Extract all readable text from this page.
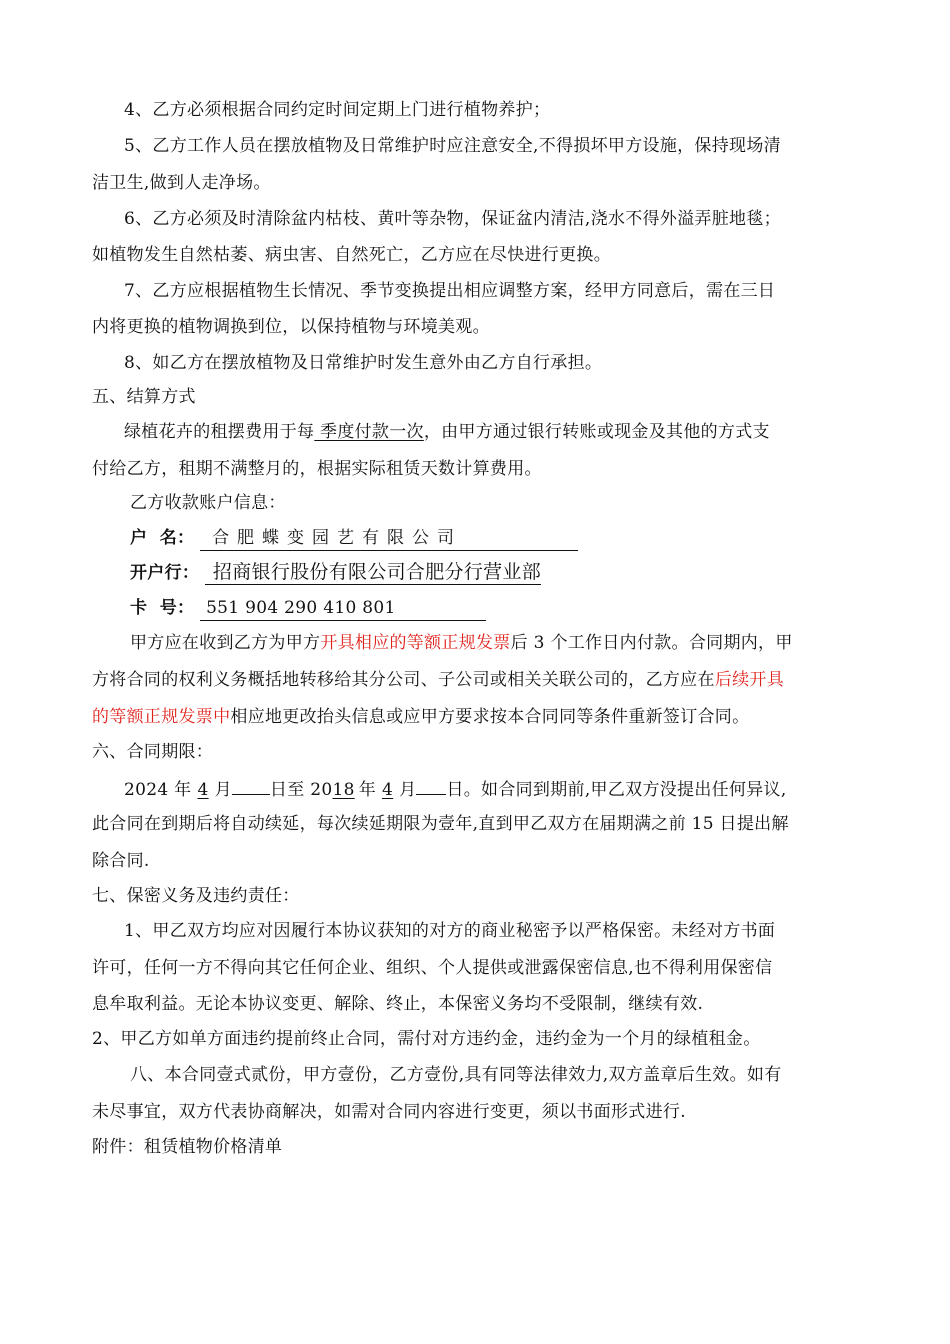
4、乙方必须根据合同约定时间定期上门进行植物养护；
5、乙方工作人员在摆放植物及日常维护时应注意安全,不得损坏甲方设施，保持现场清
洁卫生,做到人走净场。
6、乙方必须及时清除盆内枯枝、黄叶等杂物，保证盆内清洁,浇水不得外溢弄脏地毯；
如植物发生自然枯萎、病虫害、自然死亡，乙方应在尽快进行更换。
7、乙方应根据植物生长情况、季节变换提出相应调整方案，经甲方同意后，需在三日
内将更换的植物调换到位，以保持植物与环境美观。
8、如乙方在摆放植物及日常维护时发生意外由乙方自行承担。
五、结算方式
绿植花卉的租摆费用于每 季度付款一次，由甲方通过银行转账或现金及其他的方式支
付给乙方，租期不满整月的，根据实际租赁天数计算费用。
乙方收款账户信息：
户  名： 合肥蝶变园艺有限公司
开户行： 招商银行股份有限公司合肥分行营业部
卡  号： 551 904 290 410 801
甲方应在收到乙方为甲方开具相应的等额正规发票后 3 个工作日内付款。合同期内，甲
方将合同的权利义务概括地转移给其分公司、子公司或相关关联公司的，乙方应在后续开具
的等额正规发票中相应地更改抬头信息或应甲方要求按本合同同等条件重新签订合同。
六、合同期限：
2024 年 4 月 日至 2018 年 4 月 日。如合同到期前,甲乙双方没提出任何异议,
此合同在到期后将自动续延，每次续延期限为壹年,直到甲乙双方在届期满之前 15 日提出解
除合同.
七、保密义务及违约责任：
1、甲乙双方均应对因履行本协议获知的对方的商业秘密予以严格保密。未经对方书面
许可，任何一方不得向其它任何企业、组织、个人提供或泄露保密信息,也不得利用保密信
息牟取利益。无论本协议变更、解除、终止，本保密义务均不受限制，继续有效.
2、甲乙方如单方面违约提前终止合同，需付对方违约金，违约金为一个月的绿植租金。
八、本合同壹式贰份，甲方壹份，乙方壹份,具有同等法律效力,双方盖章后生效。如有
未尽事宜，双方代表协商解决，如需对合同内容进行变更，须以书面形式进行.
附件：租赁植物价格清单
